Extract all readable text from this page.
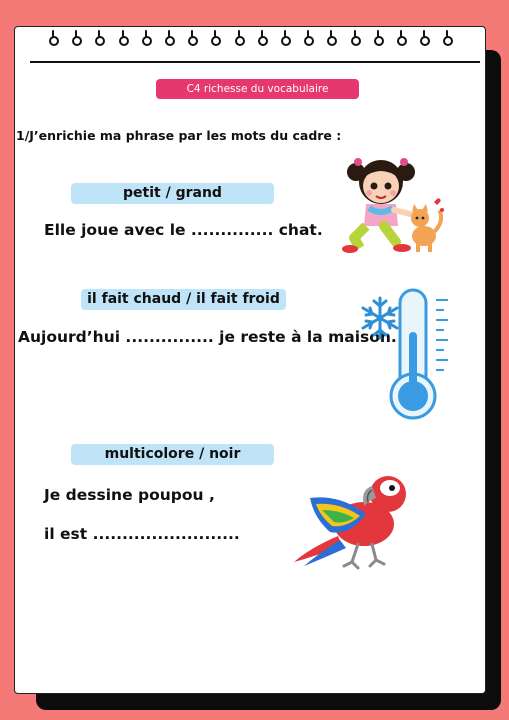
C4 richesse du vocabulaire
1/J’enrichie ma phrase par les mots du cadre :
petit / grand
Elle joue avec le .............. chat.
il fait chaud / il fait froid
Aujourd’hui ............... je reste à la maison.
multicolore / noir
Je dessine poupou ,
il est .........................
